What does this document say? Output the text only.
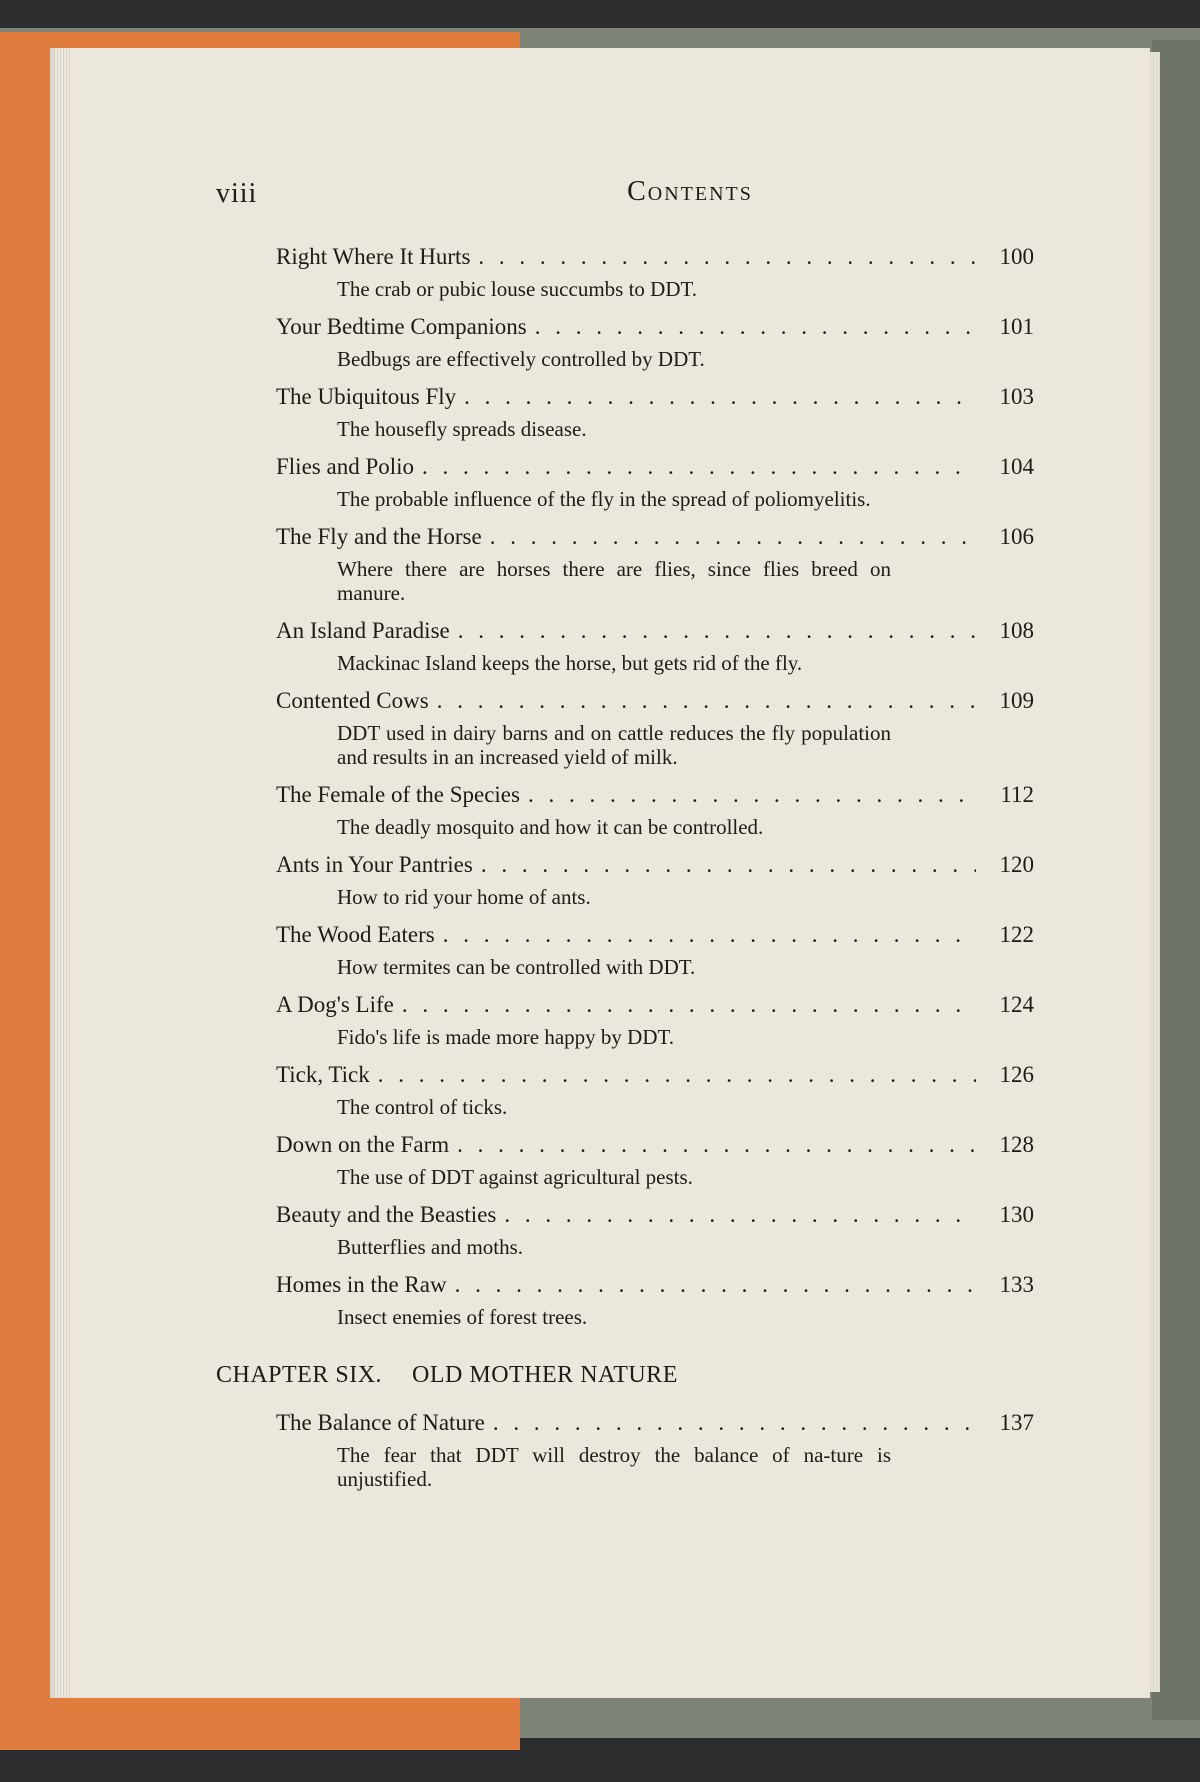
viii	Contents
Right Where It Hurts . . .	100
The crab or pubic louse succumbs to DDT.
Your Bedtime Companions . . .	101
Bedbugs are effectively controlled by DDT.
The Ubiquitous Fly . . .	103
The housefly spreads disease.
Flies and Polio . . .	104
The probable influence of the fly in the spread of poliomyelitis.
The Fly and the Horse . . .	106
Where there are horses there are flies, since flies breed on manure.
An Island Paradise . . .	108
Mackinac Island keeps the horse, but gets rid of the fly.
Contented Cows . . .	109
DDT used in dairy barns and on cattle reduces the fly population and results in an increased yield of milk.
The Female of the Species . . .	112
The deadly mosquito and how it can be controlled.
Ants in Your Pantries . . .	120
How to rid your home of ants.
The Wood Eaters . . .	122
How termites can be controlled with DDT.
A Dog's Life . . .	124
Fido's life is made more happy by DDT.
Tick, Tick . . .	126
The control of ticks.
Down on the Farm . . .	128
The use of DDT against agricultural pests.
Beauty and the Beasties . . .	130
Butterflies and moths.
Homes in the Raw . . .	133
Insect enemies of forest trees.
CHAPTER SIX. OLD MOTHER NATURE
The Balance of Nature . . .	137
The fear that DDT will destroy the balance of na-ture is unjustified.
